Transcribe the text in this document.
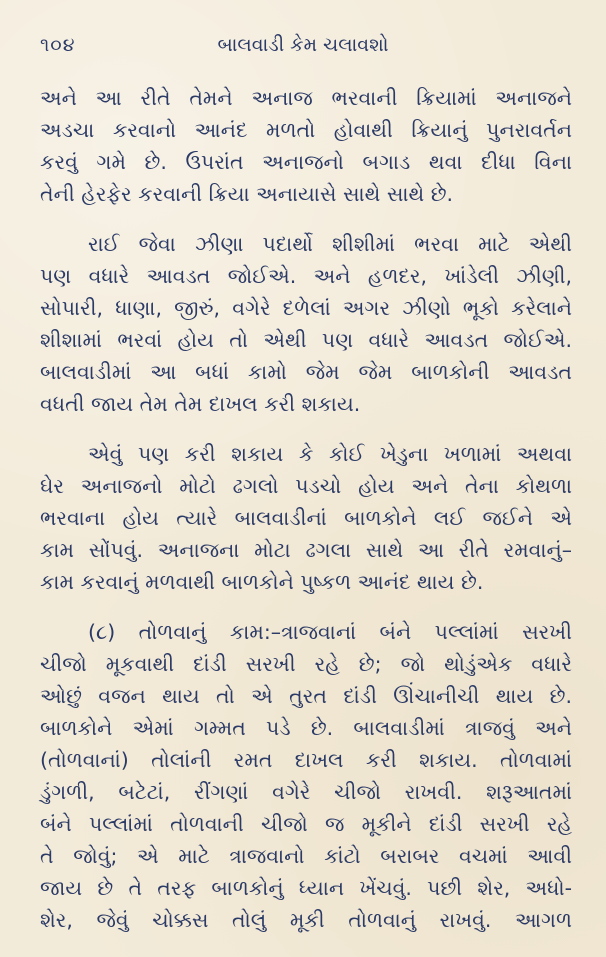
૧૦૪	બાલવાડી કેમ ચલાવશો
અને આ રીતે તેમને અનાજ ભરવાની ક્રિયામાં અનાજને
અડચા કરવાનો આનંદ મળતો હોવાથી ક્રિયાનું પુનરાવર્તન
કરવું ગમે છે. ઉપરાંત અનાજનો બગાડ થવા દીધા વિના
તેની હેરફેર કરવાની ક્રિયા અનાયાસે સાથે સાથે છે.
રાઈ જેવા ઝીણા પદાર્થો શીશીમાં ભરવા માટે એથી
પણ વધારે આવડત જોઈએ. અને હળદર, ખાંડેલી ઝીણી,
સોપારી, ધાણા, જીરું, વગેરે દળેલાં અગર ઝીણો ભૂકો કરેલાને
શીશામાં ભરવાં હોય તો એથી પણ વધારે આવડત જોઈએ.
બાલવાડીમાં આ બધાં કામો જેમ જેમ બાળકોની આવડત
વધતી જાય તેમ તેમ દાખલ કરી શકાય.
એવું પણ કરી શકાય કે કોઈ ખેડુના ખળામાં અથવા
ઘેર અનાજનો મોટો ઢગલો પડચો હોય અને તેના કોથળા
ભરવાના હોય ત્યારે બાલવાડીનાં બાળકોને લઈ જઈને એ
કામ સોંપવું. અનાજના મોટા ઢગલા સાથે આ રીતે રમવાનું–
કામ કરવાનું મળવાથી બાળકોને પુષ્કળ આનંદ થાય છે.
(૮) તોળવાનું કામ:–ત્રાજવાનાં બંને પલ્લાંમાં સરખી
ચીજો મૂકવાથી દાંડી સરખી રહે છે; જો થોડુંએક વધારે
ઓછું વજન થાય તો એ તુરત દાંડી ઊંચાનીચી થાય છે.
બાળકોને એમાં ગમ્મત પડે છે. બાલવાડીમાં ત્રાજવું અને
(તોળવાનાં) તોલાંની રમત દાખલ કરી શકાય. તોળવામાં
ડુંગળી, બટેટાં, રીંગણાં વગેરે ચીજો રાખવી. શરૂઆતમાં
બંને પલ્લાંમાં તોળવાની ચીજો જ મૂકીને દાંડી સરખી રહે
તે જોવું; એ માટે ત્રાજવાનો કાંટો બરાબર વચમાં આવી
જાય છે તે તરફ બાળકોનું ધ્યાન ખેંચવું. પછી શેર, અધો-
શેર, જેવું ચોક્કસ તોલું મૂકી તોળવાનું રાખવું. આગળ
